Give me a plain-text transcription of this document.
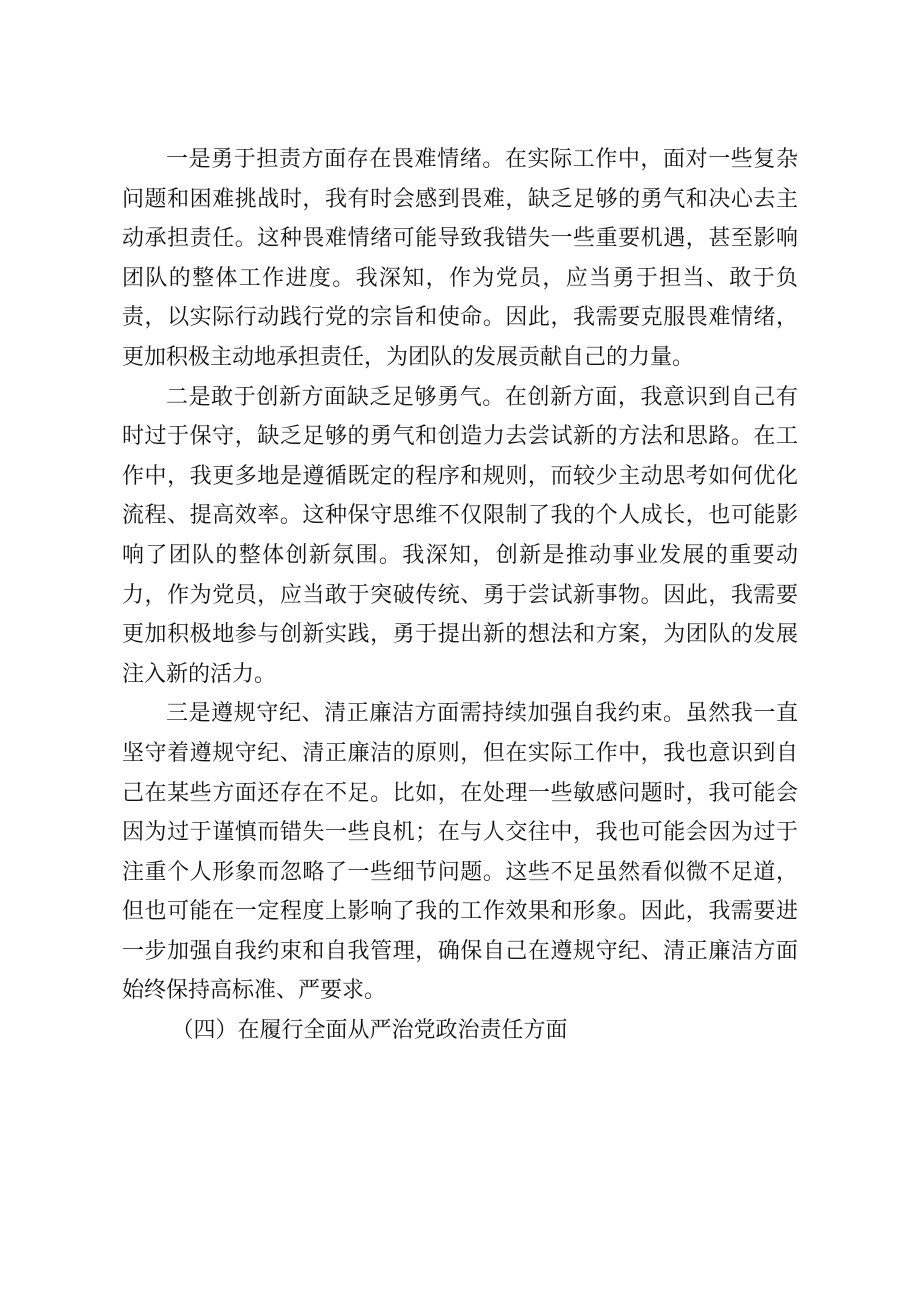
一是勇于担责方面存在畏难情绪。在实际工作中，面对一些复杂问题和困难挑战时，我有时会感到畏难，缺乏足够的勇气和决心去主动承担责任。这种畏难情绪可能导致我错失一些重要机遇，甚至影响团队的整体工作进度。我深知，作为党员，应当勇于担当、敢于负责，以实际行动践行党的宗旨和使命。因此，我需要克服畏难情绪，更加积极主动地承担责任，为团队的发展贡献自己的力量。

二是敢于创新方面缺乏足够勇气。在创新方面，我意识到自己有时过于保守，缺乏足够的勇气和创造力去尝试新的方法和思路。在工作中，我更多地是遵循既定的程序和规则，而较少主动思考如何优化流程、提高效率。这种保守思维不仅限制了我的个人成长，也可能影响了团队的整体创新氛围。我深知，创新是推动事业发展的重要动力，作为党员，应当敢于突破传统、勇于尝试新事物。因此，我需要更加积极地参与创新实践，勇于提出新的想法和方案，为团队的发展注入新的活力。

三是遵规守纪、清正廉洁方面需持续加强自我约束。虽然我一直坚守着遵规守纪、清正廉洁的原则，但在实际工作中，我也意识到自己在某些方面还存在不足。比如，在处理一些敏感问题时，我可能会因为过于谨慎而错失一些良机；在与人交往中，我也可能会因为过于注重个人形象而忽略了一些细节问题。这些不足虽然看似微不足道，但也可能在一定程度上影响了我的工作效果和形象。因此，我需要进一步加强自我约束和自我管理，确保自己在遵规守纪、清正廉洁方面始终保持高标准、严要求。

（四）在履行全面从严治党政治责任方面
